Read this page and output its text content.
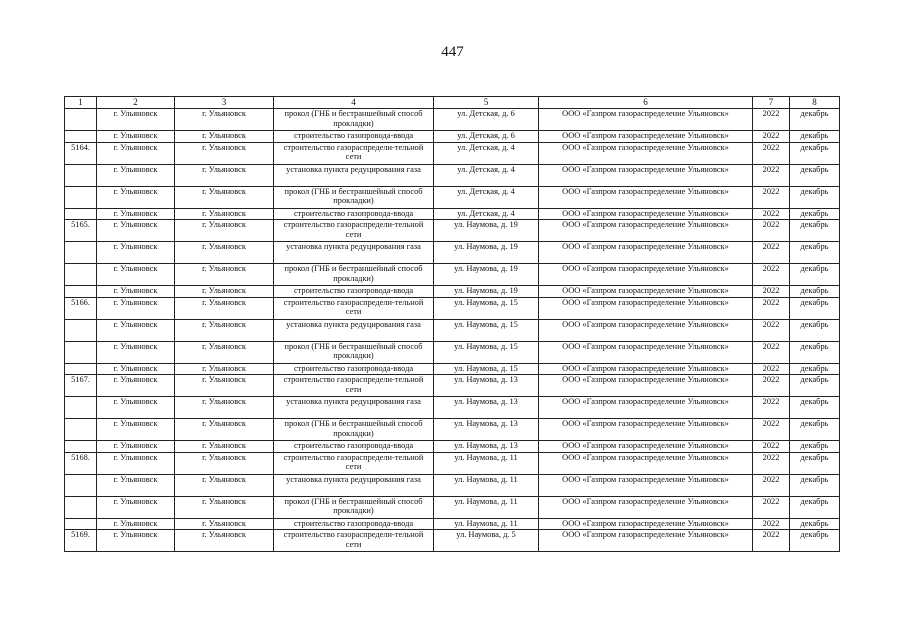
447
1	2	3	4	5	6	7	8
	г. Ульяновск	г. Ульяновск	прокол (ГНБ и бестраншейный способ прокладки)	ул. Детская, д. 6	ООО «Газпром газораспределение Ульяновск»	2022	декабрь
	г. Ульяновск	г. Ульяновск	строительство газопровода-ввода	ул. Детская, д. 6	ООО «Газпром газораспределение Ульяновск»	2022	декабрь
5164.	г. Ульяновск	г. Ульяновск	строительство газораспредели-тельной сети	ул. Детская, д. 4	ООО «Газпром газораспределение Ульяновск»	2022	декабрь
	г. Ульяновск	г. Ульяновск	установка пункта редуцирования газа	ул. Детская, д. 4	ООО «Газпром газораспределение Ульяновск»	2022	декабрь
	г. Ульяновск	г. Ульяновск	прокол (ГНБ и бестраншейный способ прокладки)	ул. Детская, д. 4	ООО «Газпром газораспределение Ульяновск»	2022	декабрь
	г. Ульяновск	г. Ульяновск	строительство газопровода-ввода	ул. Детская, д. 4	ООО «Газпром газораспределение Ульяновск»	2022	декабрь
5165.	г. Ульяновск	г. Ульяновск	строительство газораспредели-тельной сети	ул. Наумова, д. 19	ООО «Газпром газораспределение Ульяновск»	2022	декабрь
	г. Ульяновск	г. Ульяновск	установка пункта редуцирования газа	ул. Наумова, д. 19	ООО «Газпром газораспределение Ульяновск»	2022	декабрь
	г. Ульяновск	г. Ульяновск	прокол (ГНБ и бестраншейный способ прокладки)	ул. Наумова, д. 19	ООО «Газпром газораспределение Ульяновск»	2022	декабрь
	г. Ульяновск	г. Ульяновск	строительство газопровода-ввода	ул. Наумова, д. 19	ООО «Газпром газораспределение Ульяновск»	2022	декабрь
5166.	г. Ульяновск	г. Ульяновск	строительство газораспредели-тельной сети	ул. Наумова, д. 15	ООО «Газпром газораспределение Ульяновск»	2022	декабрь
	г. Ульяновск	г. Ульяновск	установка пункта редуцирования газа	ул. Наумова, д. 15	ООО «Газпром газораспределение Ульяновск»	2022	декабрь
	г. Ульяновск	г. Ульяновск	прокол (ГНБ и бестраншейный способ прокладки)	ул. Наумова, д. 15	ООО «Газпром газораспределение Ульяновск»	2022	декабрь
	г. Ульяновск	г. Ульяновск	строительство газопровода-ввода	ул. Наумова, д. 15	ООО «Газпром газораспределение Ульяновск»	2022	декабрь
5167.	г. Ульяновск	г. Ульяновск	строительство газораспредели-тельной сети	ул. Наумова, д. 13	ООО «Газпром газораспределение Ульяновск»	2022	декабрь
	г. Ульяновск	г. Ульяновск	установка пункта редуцирования газа	ул. Наумова, д. 13	ООО «Газпром газораспределение Ульяновск»	2022	декабрь
	г. Ульяновск	г. Ульяновск	прокол (ГНБ и бестраншейный способ прокладки)	ул. Наумова, д. 13	ООО «Газпром газораспределение Ульяновск»	2022	декабрь
	г. Ульяновск	г. Ульяновск	строительство газопровода-ввода	ул. Наумова, д. 13	ООО «Газпром газораспределение Ульяновск»	2022	декабрь
5168.	г. Ульяновск	г. Ульяновск	строительство газораспредели-тельной сети	ул. Наумова, д. 11	ООО «Газпром газораспределение Ульяновск»	2022	декабрь
	г. Ульяновск	г. Ульяновск	установка пункта редуцирования газа	ул. Наумова, д. 11	ООО «Газпром газораспределение Ульяновск»	2022	декабрь
	г. Ульяновск	г. Ульяновск	прокол (ГНБ и бестраншейный способ прокладки)	ул. Наумова, д. 11	ООО «Газпром газораспределение Ульяновск»	2022	декабрь
	г. Ульяновск	г. Ульяновск	строительство газопровода-ввода	ул. Наумова, д. 11	ООО «Газпром газораспределение Ульяновск»	2022	декабрь
5169.	г. Ульяновск	г. Ульяновск	строительство газораспредели-тельной сети	ул. Наумова, д. 5	ООО «Газпром газораспределение Ульяновск»	2022	декабрь
